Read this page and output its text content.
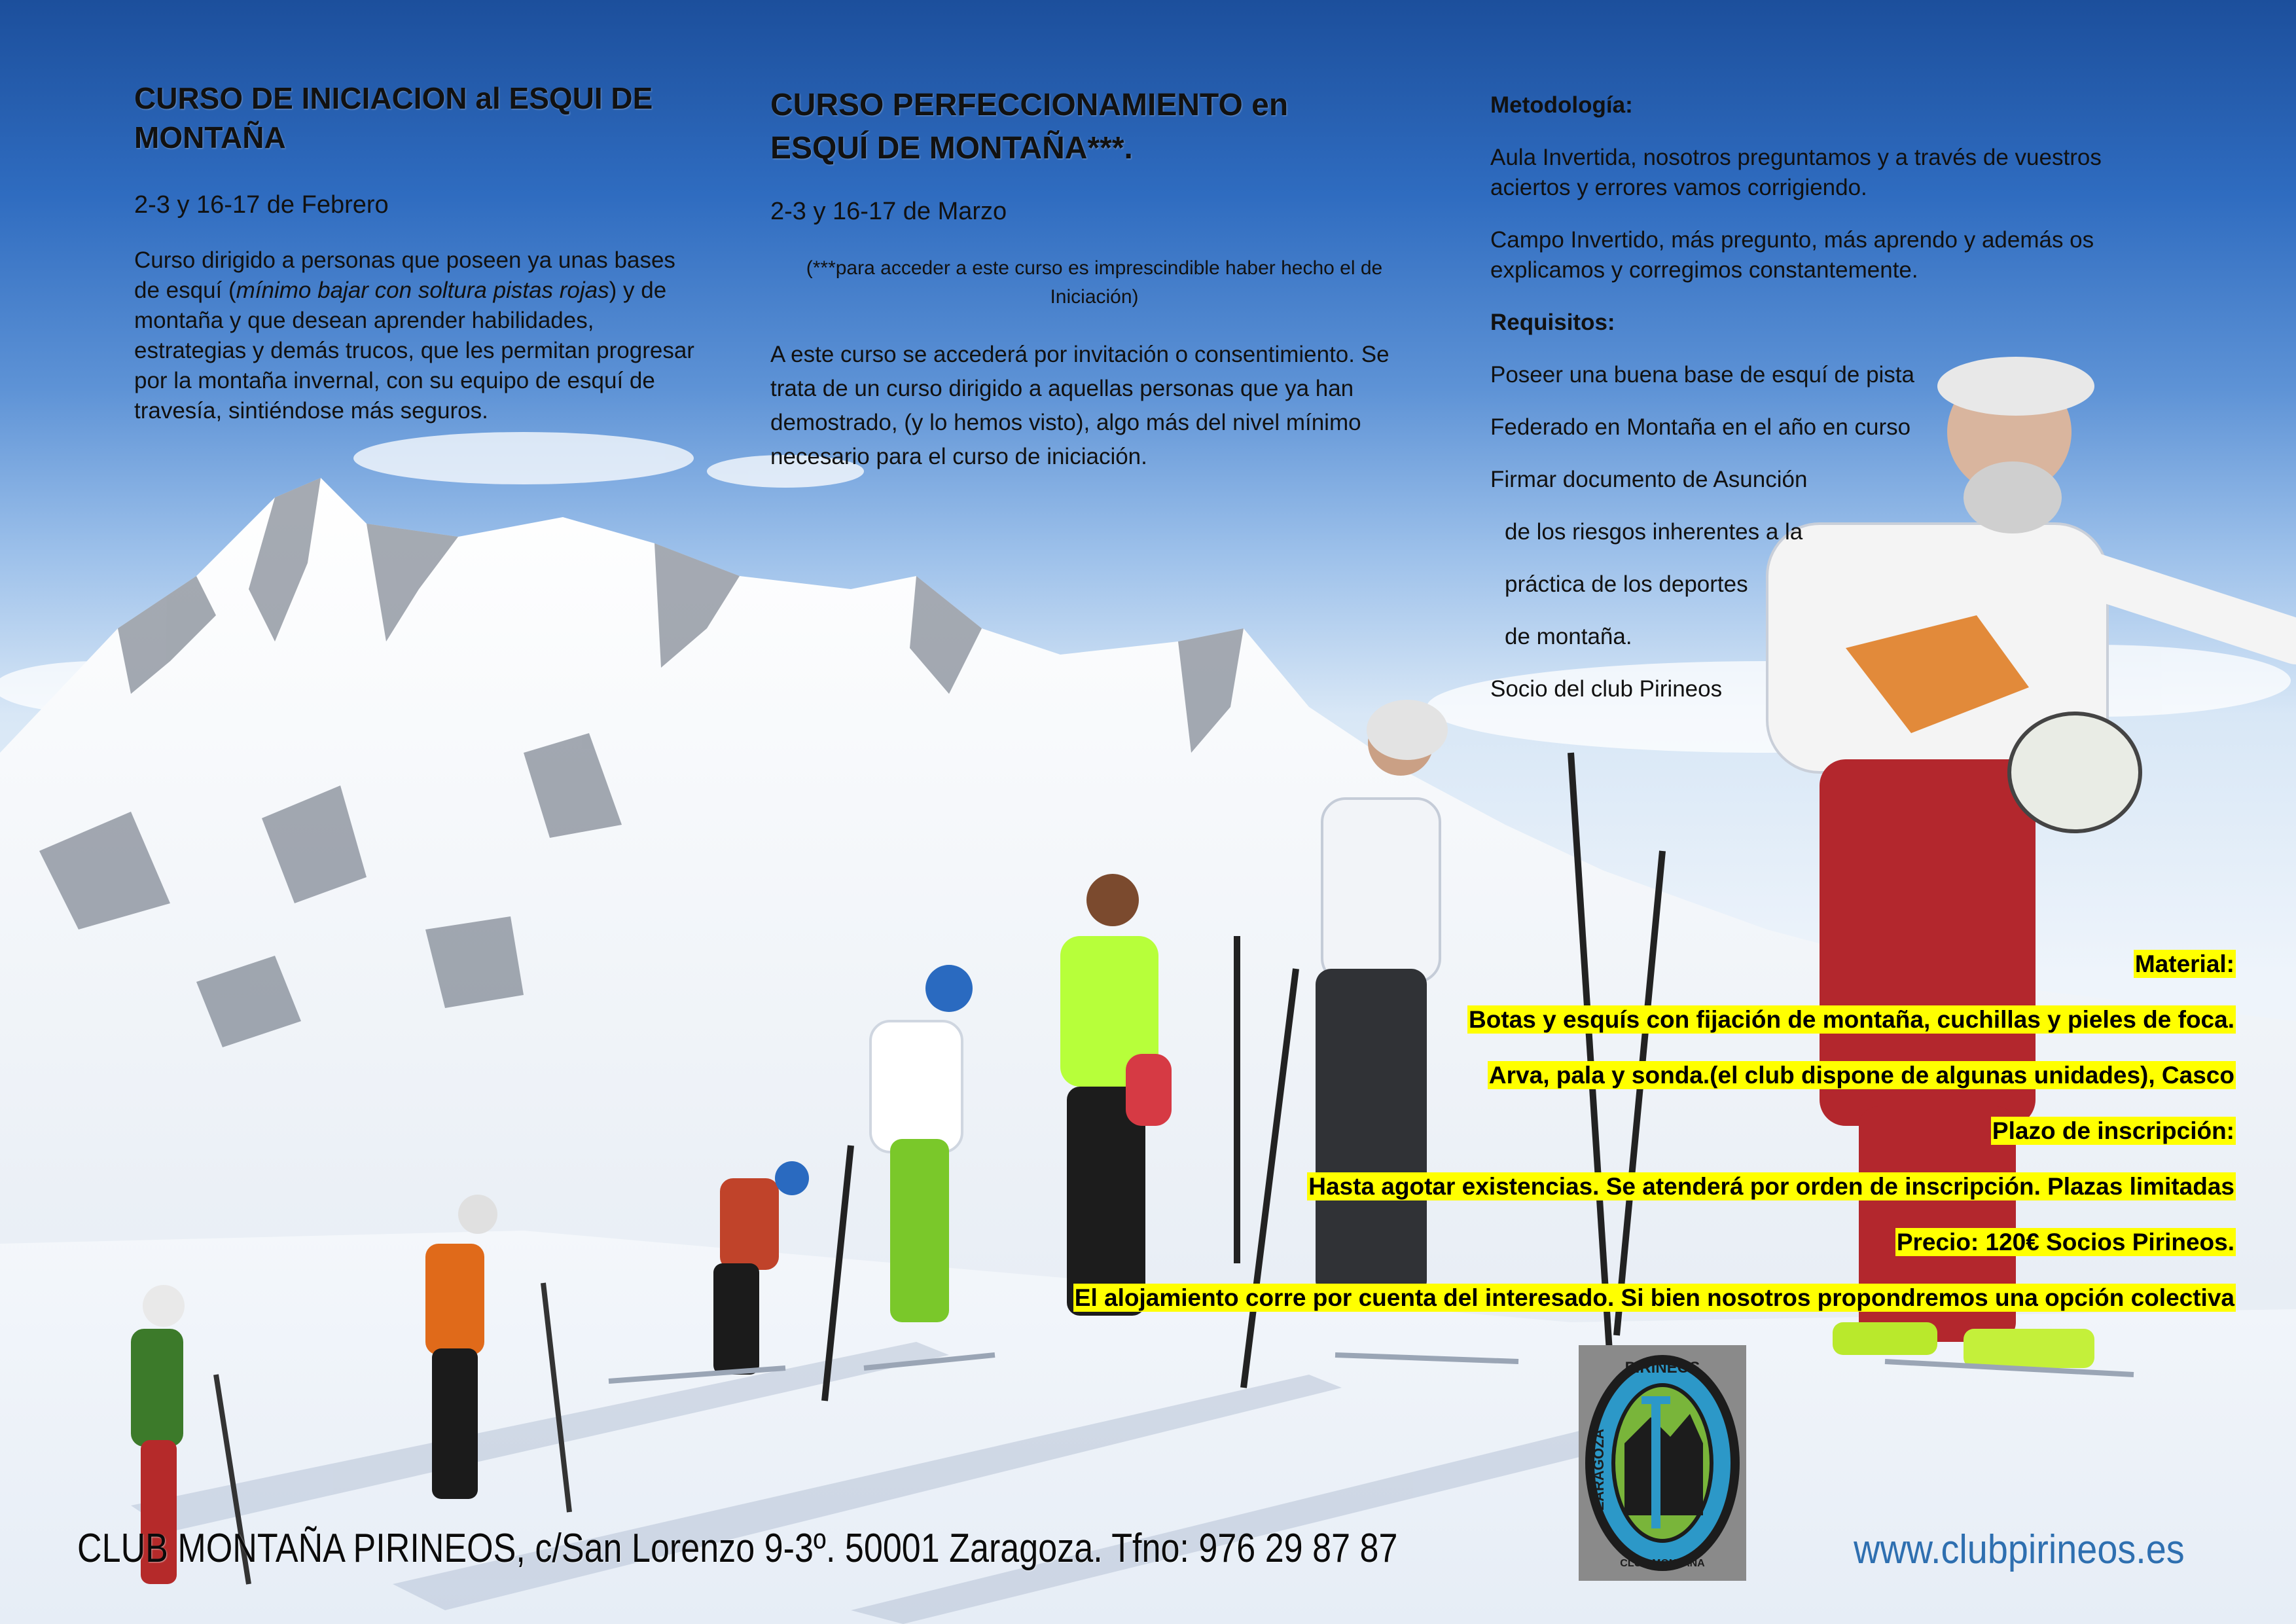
CURSO DE INICIACION al ESQUI DE MONTAÑA
2-3 y 16-17 de Febrero
Curso dirigido a personas que poseen ya unas bases de esquí (mínimo bajar con soltura pistas rojas) y de montaña y que desean aprender habilidades, estrategias y demás trucos, que les permitan progresar por la montaña invernal, con su equipo de esquí de travesía, sintiéndose más seguros.
CURSO PERFECCIONAMIENTO en ESQUÍ DE MONTAÑA***.
2-3 y 16-17 de Marzo
(***para acceder a este curso es imprescindible haber hecho el de Iniciación)
A este curso se accederá por invitación o consentimiento. Se trata de un curso dirigido a aquellas personas que ya han demostrado, (y lo hemos visto), algo más del nivel mínimo necesario para el curso de iniciación.
Metodología:
Aula Invertida, nosotros preguntamos y a través de vuestros aciertos y errores vamos corrigiendo.
Campo Invertido, más pregunto, más aprendo y además os explicamos y corregimos constantemente.
Requisitos:
Poseer una buena base de esquí de pista
Federado en Montaña en el año en curso
Firmar documento de Asunción
de los riesgos inherentes a la
práctica de los deportes
de montaña.
Socio del club Pirineos
Material:
Botas y esquís con fijación de montaña, cuchillas y pieles de foca.
Arva, pala y sonda.(el club dispone de algunas unidades), Casco
Plazo de inscripción:
Hasta agotar existencias. Se atenderá por orden de inscripción. Plazas limitadas
Precio: 120€ Socios Pirineos.
El alojamiento corre por cuenta del interesado. Si bien nosotros propondremos una opción colectiva
PIRINEOS
ZARAGOZA
CLUB MONTAÑA
CLUB MONTAÑA PIRINEOS, c/San Lorenzo 9-3º. 50001 Zaragoza. Tfno: 976 29 87 87	www.clubpirineos.es
